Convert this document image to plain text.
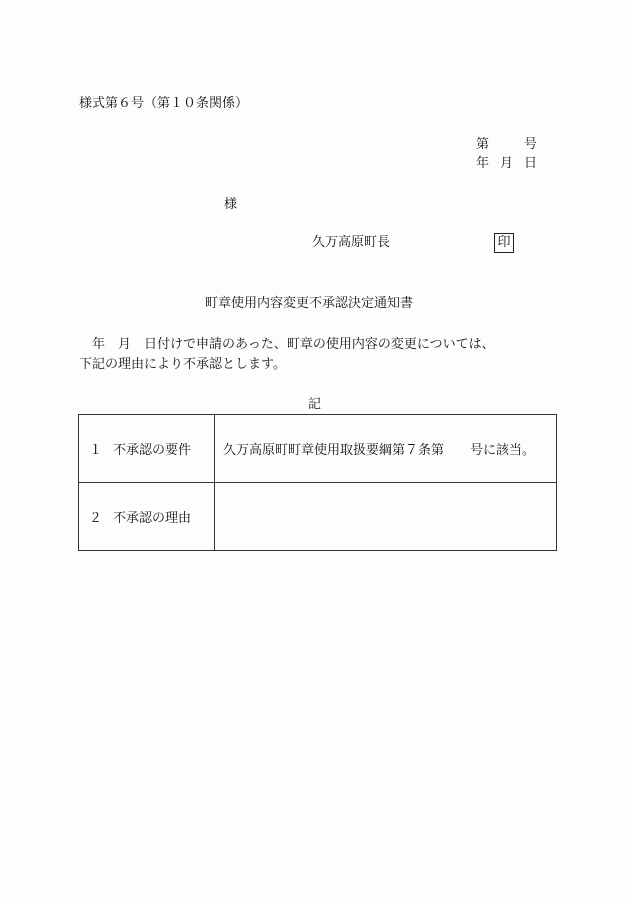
様式第６号（第１０条関係）
第	号
年 月 日
様
久万高原町長	印
町章使用内容変更不承認決定通知書
　年　月　日付けで申請のあった、町章の使用内容の変更については、
下記の理由により不承認とします。
記
１ 不承認の要件	久万高原町町章使用取扱要綱第７条第　　号に該当。
２ 不承認の理由	
